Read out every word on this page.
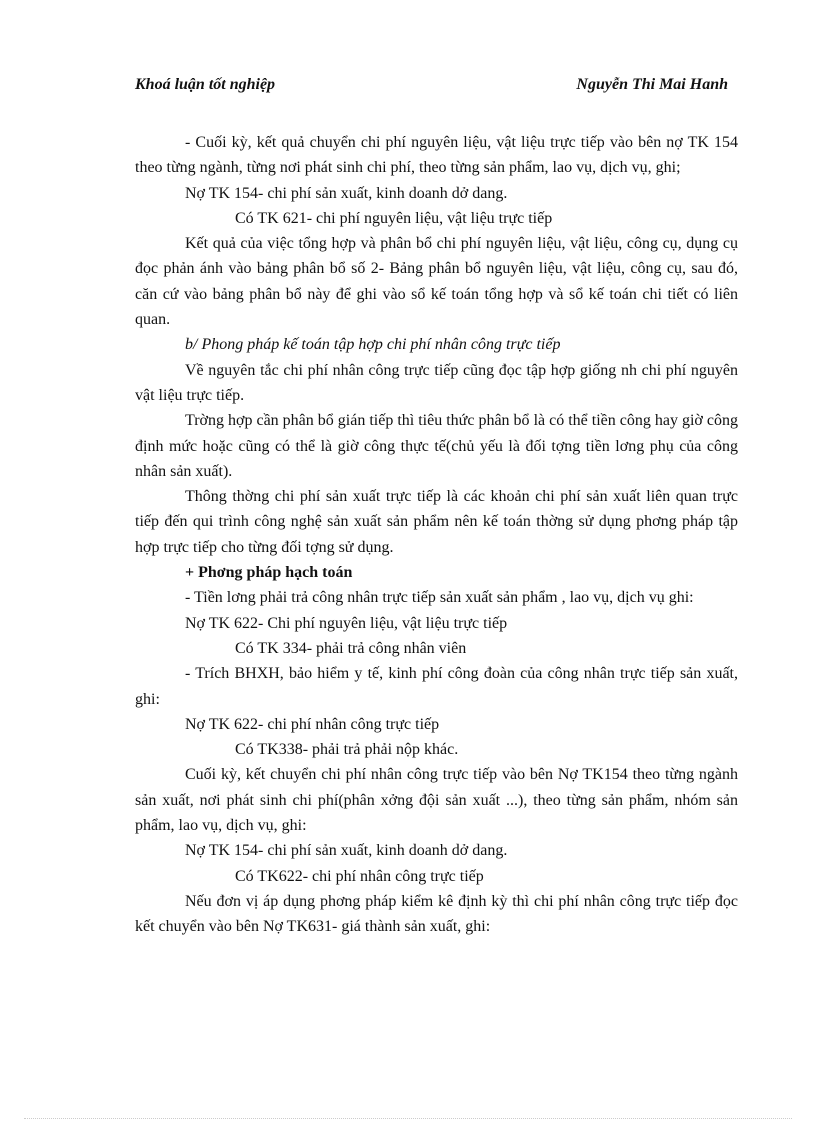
Khoá luận tốt nghiệp	Nguyễn Thi Mai Hanh

- Cuối kỳ, kết quả chuyển chi phí nguyên liệu, vật liệu trực tiếp vào bên nợ TK 154 theo từng ngành, từng nơi phát sinh chi phí, theo từng sản phẩm, lao vụ, dịch vụ, ghi;

Nợ TK 154- chi phí sản xuất, kinh doanh dở dang.

Có TK 621- chi phí nguyên liệu, vật liệu trực tiếp

Kết quả của việc tổng hợp và phân bổ chi phí nguyên liệu, vật liệu, công cụ, dụng cụ đọc phản ánh vào bảng phân bổ số 2- Bảng phân bổ nguyên liệu, vật liệu, công cụ, sau đó, căn cứ vào bảng phân bổ này để ghi vào sổ kế toán tổng hợp và sổ kế toán chi tiết có liên quan.

b/ Phong pháp kế toán tập hợp chi phí nhân công trực tiếp

Về nguyên tắc chi phí nhân công trực tiếp cũng đọc tập hợp giống nh chi phí nguyên vật liệu trực tiếp.

Trờng hợp cần phân bổ gián tiếp thì tiêu thức phân bổ là có thể tiền công hay giờ công định mức hoặc cũng có thể là giờ công thực tế(chủ yếu là đối tợng tiền lơng phụ của công nhân sản xuất).

Thông thờng chi phí sản xuất trực tiếp là các khoản chi phí sản xuất liên quan trực tiếp đến qui trình công nghệ sản xuất sản phẩm nên kế toán thờng sử dụng phơng pháp tập hợp trực tiếp cho từng đối tợng sử dụng.

+ Phơng pháp hạch toán

- Tiền lơng phải trả công nhân trực tiếp sản xuất sản phẩm , lao vụ, dịch vụ ghi:

Nợ TK 622- Chi phí nguyên liệu, vật liệu trực tiếp

Có TK 334- phải trả công nhân viên

- Trích BHXH, bảo hiểm y tế, kinh phí công đoàn của công nhân trực tiếp sản xuất, ghi:

Nợ TK 622- chi phí nhân công trực tiếp

Có TK338- phải trả phải nộp khác.

Cuối kỳ, kết chuyển chi phí nhân công trực tiếp vào bên Nợ TK154 theo từng ngành sản xuất, nơi phát sinh chi phí(phân xởng đội sản xuất ...), theo từng sản phẩm, nhóm sản phẩm, lao vụ, dịch vụ, ghi:

Nợ TK 154- chi phí sản xuất, kinh doanh dở dang.

Có TK622- chi phí nhân công trực tiếp

Nếu đơn vị áp dụng phơng pháp kiểm kê định kỳ thì chi phí nhân công trực tiếp đọc kết chuyển vào bên Nợ TK631- giá thành sản xuất, ghi:
